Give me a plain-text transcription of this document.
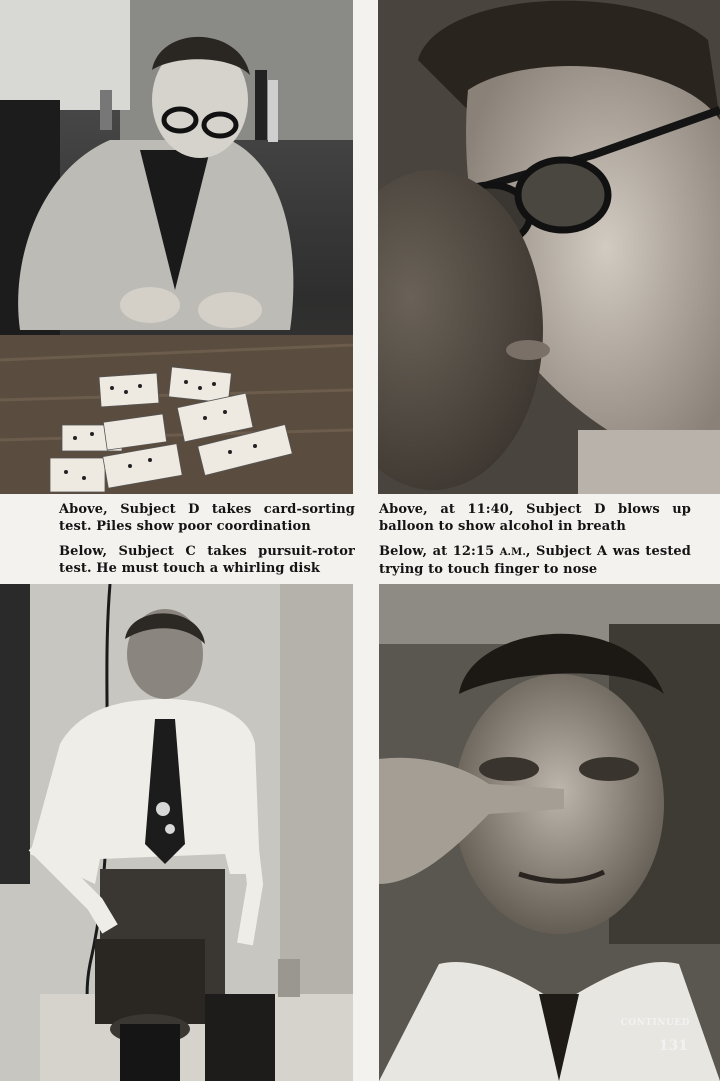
Above, Subject D takes card-sorting test. Piles show poor coordination
Below, Subject C takes pursuit-rotor test. He must touch a whirling disk
Above, at 11:40, Subject D blows up balloon to show alcohol in breath
Below, at 12:15 A.M., Subject A was tested trying to touch finger to nose
CONTINUED
131
